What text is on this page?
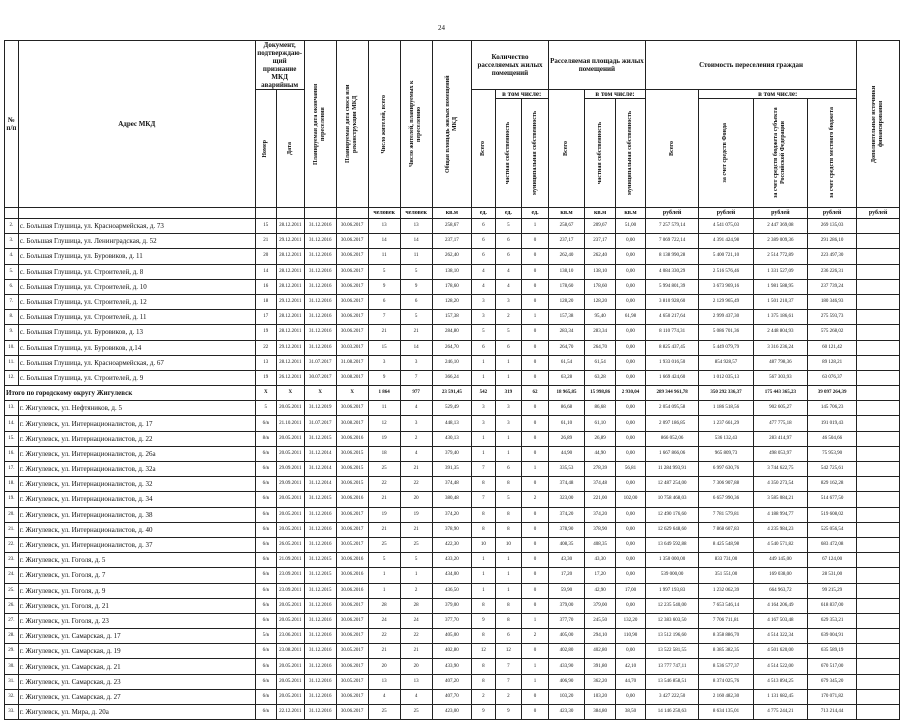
24
№ п/п	Адрес МКД	Документ, подтверждаю-щий признание МКД аварийным		Планируемая дата окончания переселения	Планируемая дата сноса или реконструкции МКД	Число жителей, всего	Число жителей, планируемых к переселению	Общая площадь жилых помещений МКД	Количество расселяемых жилых помещений			Расселяемая площадь жилых помещений			Стоимость переселения граждан				Дополнительные источники финансирования

		Номер	Дата						Всего	в том числе:		Всего	в том числе:		Всего	в том числе:			

										частная собственность	муниципальная собственность		частная собственность	муниципальная собственность		за счет средств Фонда	за счет средств бюджета субъекта Российской Федерации	за счет средств местного бюджета	

						человек	человек	кв.м	ед.	ед.	ед.	кв.м	кв.м	кв.м	рублей	рублей	рублей	рублей	рублей
2.	с. Большая Глушица, ул. Красноармейская, д. 73	15	28.12.2011	31.12.2016	30.06.2017	13	13	258,67	6	5	1	258,67	209,67	51,00	7 257 579,14	4 541 075,03	2 447 369,08	269 135,03	
3.	с. Большая Глушица, ул. Ленинградская, д. 52	21	29.12.2011	31.12.2016	30.06.2017	14	14	237,17	6	6	0	237,17	237,17	0,00	7 069 722,14	4 391 424,98	2 389 009,36	291 286,10	
4.	с. Большая Глушица, ул. Буровиков, д. 11	20	28.12.2011	31.12.2016	30.06.2017	11	11	262,40	6	6	0	262,40	262,40	0,00	8 138 990,28	5 400 721,10	2 514 772,89	223 497,30	
5.	с. Большая Глушица, ул. Строителей, д. 8	14	28.12.2011	31.12.2016	30.06.2017	5	5	138,10	4	4	0	138,10	138,10	0,00	4 084 330,29	2 516 576,46	1 331 527,09	236 226,31	
6.	с. Большая Глушица, ул. Строителей, д. 10	16	28.12.2011	31.12.2016	30.06.2017	9	9	178,60	4	4	0	178,60	178,60	0,00	5 994 801,39	3 673 969,16	1 981 588,95	237 739,24	
7.	с. Большая Глушица, ул. Строителей, д. 12	18	29.12.2011	31.12.2016	30.06.2017	6	6	128,20	3	3	0	128,20	128,20	0,00	3 810 928,60	2 129 965,49	1 501 210,37	180 346,93	
8.	с. Большая Глушица, ул. Строителей, д. 11	17	28.12.2011	31.12.2016	30.06.2017	7	5	157,38	3	2	1	157,38	95,40	61,98	4 650 217,64	2 999 437,30	1 375 186,61	275 593,73	
9.	с. Большая Глушица, ул. Буровиков, д. 13	19	28.12.2011	31.12.2016	30.06.2017	21	21	284,80	5	5	0	283,34	283,34	0,00	8 110 774,31	5 086 701,36	2 448 804,93	575 268,02	
10.	с. Большая Глушица, ул. Буровиков, д.14	22	29.12.2011	31.12.2016	30.03.2017	15	14	264,70	6	6	0	264,70	264,70	0,00	8 825 437,45	5 449 079,79	3 316 236,24	60 121,42	
11.	с. Большая Глушица, ул. Красноармейская, д. 67	13	28.12.2011	31.07.2017	31.08.2017	3	3	246,10	1	1	0	61,54	61,54	0,00	1 933 016,50	854 928,57	487 798,36	89 128,21	
12.	с. Большая Глушица, ул. Строителей, д. 9	19	26.12.2011	30.07.2017	30.08.2017	9	7	366,24	1	1	0	63,28	63,28	0,00	1 669 424,60	1 012 035,13	567 303,93	63 076,37	
Итого по городскому округу Жигулевск		X	X	X	X	1 864	977	23 591,45	542	319	62	18 965,85	15 998,86	2 930,04	289 344 961,78	350 292 336,37	175 443 365,23	39 097 264,39	
13.	г. Жигулевск, ул. Нефтяников, д. 5	5	20.05.2011	31.12.2019	30.06.2017	11	4	529,49	3	3	0	86,68	86,68	0,00	2 054 095,58	1 186 518,56	902 605,27	145 706,23	
14.	г. Жигулевск, ул. Интернационалистов, д. 17	6/в	21.10.2011	31.07.2017	30.08.2017	12	3	448,13	3	3	0	61,10	61,10	0,00	2 097 186,85	1 237 661,29	477 775,18	191 019,43	
15.	г. Жигулевск, ул. Интернационалистов, д. 22	8/в	20.05.2011	31.12.2015	30.06.2016	19	2	430,13	1	1	0	26,89	26,89	0,00	866 052,06	536 132,43	283 414,97	46 504,66	
16.	г. Жигулевск, ул. Интернационалистов, д. 26а	6/в	20.05.2011	31.12.2014	30.06.2015	18	4	379,40	1	1	0	44,90	44,90	0,00	1 667 866,06	965 809,73	498 053,97	75 953,90	
17.	г. Жигулевск, ул. Интернационалистов, д. 32а	6/в	29.09.2011	31.12.2014	30.06.2015	25	21	391,35	7	6	1	335,53	278,39	56,81	11 284 993,91	6 997 630,76	3 744 622,75	542 725,61	
18.	г. Жигулевск, ул. Интернационалистов, д. 32	6/в	29.09.2011	31.12.2014	30.06.2015	22	22	374,48	8	8	0	374,48	374,48	0,00	12 487 254,00	7 306 907,88	4 350 273,54	829 162,28	
19.	г. Жигулевск, ул. Интернационалистов, д. 34	6/в	20.05.2011	31.12.2015	30.06.2016	21	20	380,48	7	5	2	323,00	221,00	102,00	10 758 468,03	6 657 990,36	3 585 084,21	514 677,50	
20.	г. Жигулевск, ул. Интернационалистов, д. 38	6/в	20.05.2011	31.12.2016	30.06.2017	19	19	374,20	8	8	0	374,20	374,20	0,00	12 490 176,60	7 781 579,81	4 188 994,77	519 608,02	
21.	г. Жигулевск, ул. Интернационалистов, д. 40	6/в	20.05.2011	31.12.2016	30.06.2017	21	21	378,90	8	8	0	378,90	378,90	0,00	12 629 648,60	7 868 607,83	4 235 984,23	525 056,54	
22.	г. Жигулевск, ул. Интернационалистов, д. 37	6/в	26.05.2011	31.12.2016	30.05.2017	25	25	422,30	10	10	0	408,35	408,35	0,00	13 649 592,88	8 425 548,98	4 540 571,82	683 472,08	
23.	г. Жигулевск, ул. Гоголя, д. 5	6/в	21.09.2011	31.12.2015	30.06.2016	5	5	433,20	1	1	0	43,30	43,30	0,00	1 350 000,00	833 731,00	449 145,00	67 124,00	
24.	г. Жигулевск, ул. Гоголя, д. 7	6/в	23.09.2011	31.12.2015	30.06.2016	1	1	434,00	1	1	0	17,20	17,20	0,00	539 000,00	351 551,00	169 038,00	28 531,00	
25.	г. Жигулевск, ул. Гоголя, д. 9	6/в	23.09.2011	31.12.2015	30.06.2016	1	2	436,50	1	1	0	59,90	42,90	17,00	1 997 193,83	1 232 062,39	664 963,72	99 215,29	
26.	г. Жигулевск, ул. Гоголя, д. 21	6/в	20.05.2011	31.12.2016	30.06.2017	28	28	379,00	8	8	0	379,00	379,00	0,00	12 235 540,00	7 653 546,14	4 164 206,49	618 837,00	
27.	г. Жигулевск, ул. Гоголя, д. 23	6/в	20.05.2011	31.12.2016	30.06.2017	24	24	377,70	9	8	1	377,70	245,50	132,20	12 383 603,50	7 706 711,81	4 167 503,48	629 353,21	
28.	г. Жигулевск, ул. Самарская, д. 17	5/в	23.06.2011	31.12.2016	30.06.2017	22	22	405,00	8	6	2	405,00	294,10	110,90	13 512 196,60	8 358 886,70	4 514 322,34	639 004,91	
29.	г. Жигулевск, ул. Самарская, д. 19	6/в	23.08.2011	31.12.2016	30.05.2017	21	21	402,80	12	12	0	402,80	402,80	0,00	13 522 581,55	8 385 382,35	4 501 620,00	635 589,19	
30.	г. Жигулевск, ул. Самарская, д. 21	6/в	20.05.2011	31.12.2016	30.06.2017	20	20	433,90	8	7	1	433,90	391,80	42,10	13 777 747,11	8 536 577,37	4 514 522,00	670 517,00	
31.	г. Жигулевск, ул. Самарская, д. 23	6/в	20.05.2011	31.12.2016	30.05.2017	13	13	407,20	8	7	1	406,90	362,20	44,70	13 546 858,51	8 374 025,76	4 513 894,25	679 345,20	
32.	г. Жигулевск, ул. Самарская, д. 27	6/в	20.05.2011	31.12.2016	30.06.2017	4	4	407,70	2	2	0	103,20	103,20	0,00	3 427 222,50	2 160 482,30	1 131 682,45	170 071,82	
33.	г. Жигулевск, ул. Мира, д. 20а	6/в	22.12.2011	31.12.2016	30.06.2017	25	25	423,00	9	9	0	423,30	384,80	38,50	14 146 250,63	8 634 135,01	4 775 244,21	713 214,44	
